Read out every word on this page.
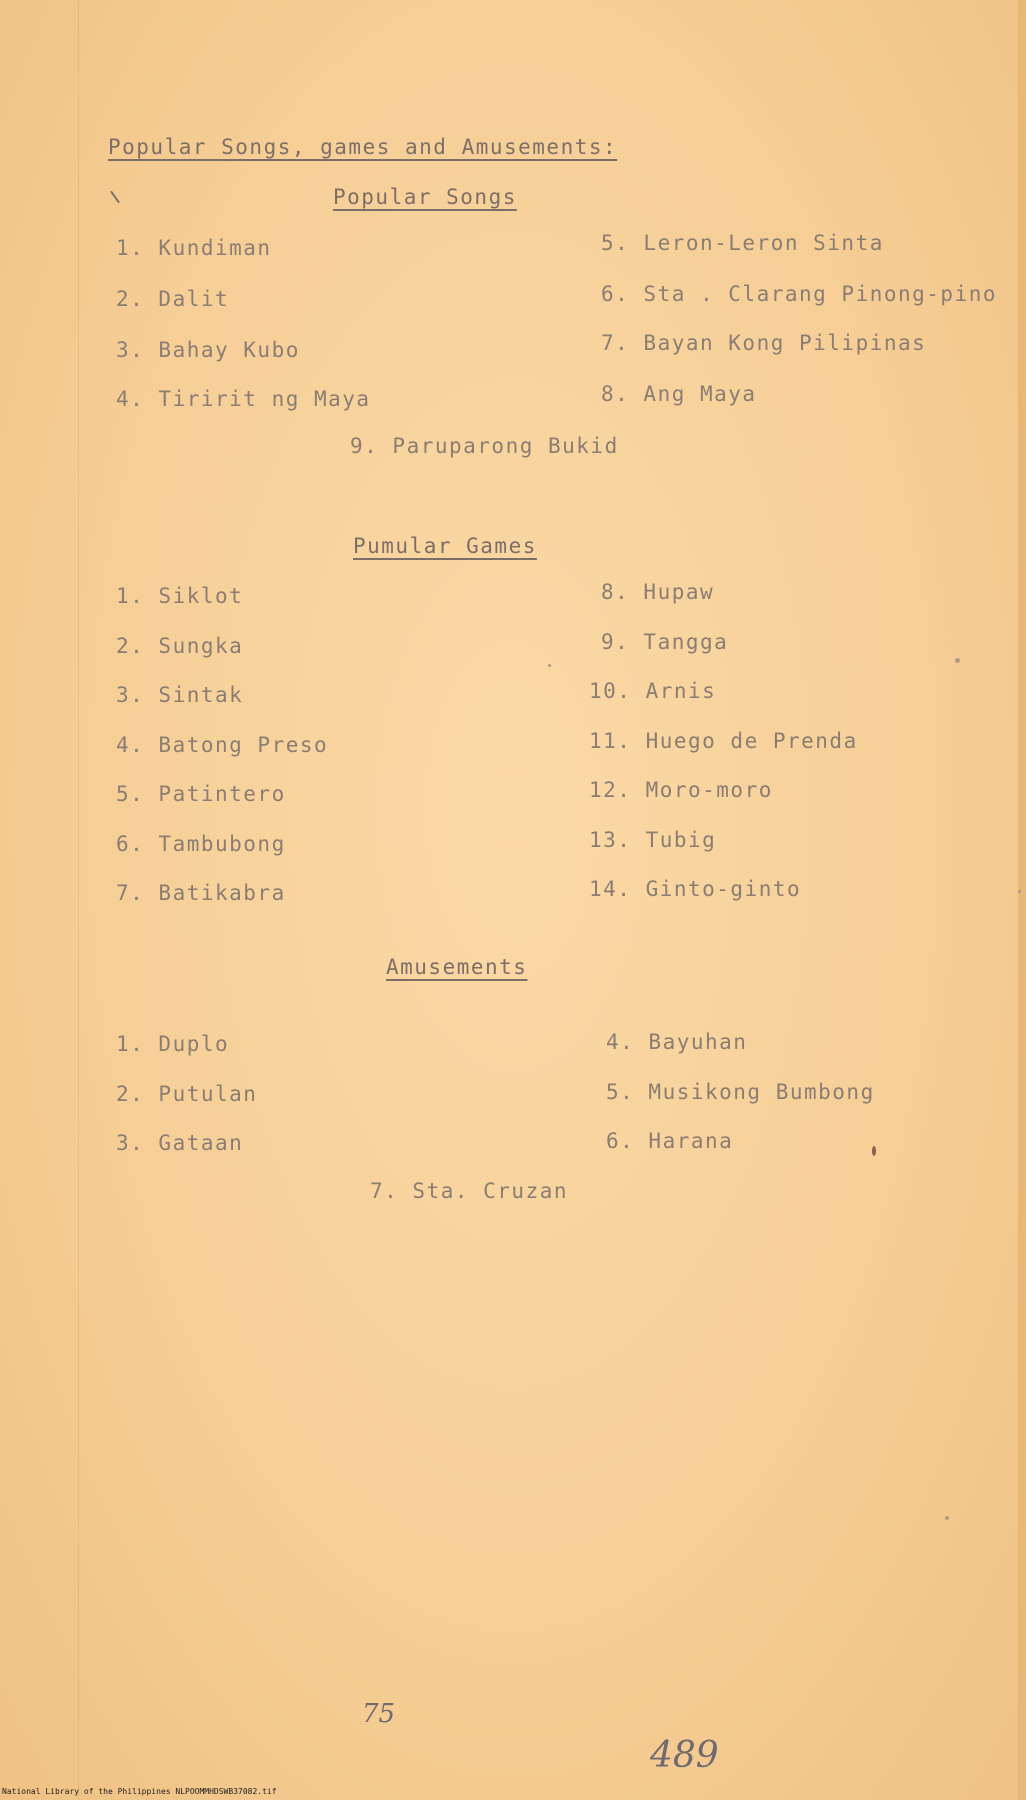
Popular Songs, games and Amusements:
Popular Songs
1. Kundiman
2. Dalit
3. Bahay Kubo
4. Tiririt ng Maya
5. Leron-Leron Sinta
6. Sta . Clarang Pinong-pino
7. Bayan Kong Pilipinas
8. Ang Maya
9. Paruparong Bukid
Pumular Games
1. Siklot
2. Sungka
3. Sintak
4. Batong Preso
5. Patintero
6. Tambubong
7. Batikabra
8. Hupaw
9. Tangga
10. Arnis
11. Huego de Prenda
12. Moro-moro
13. Tubig
14. Ginto-ginto
Amusements
1. Duplo
2. Putulan
3. Gataan
4. Bayuhan
5. Musikong Bumbong
6. Harana
7. Sta. Cruzan
75
489
National Library of the Philippines NLPOOMMHDSWB37082.tif
